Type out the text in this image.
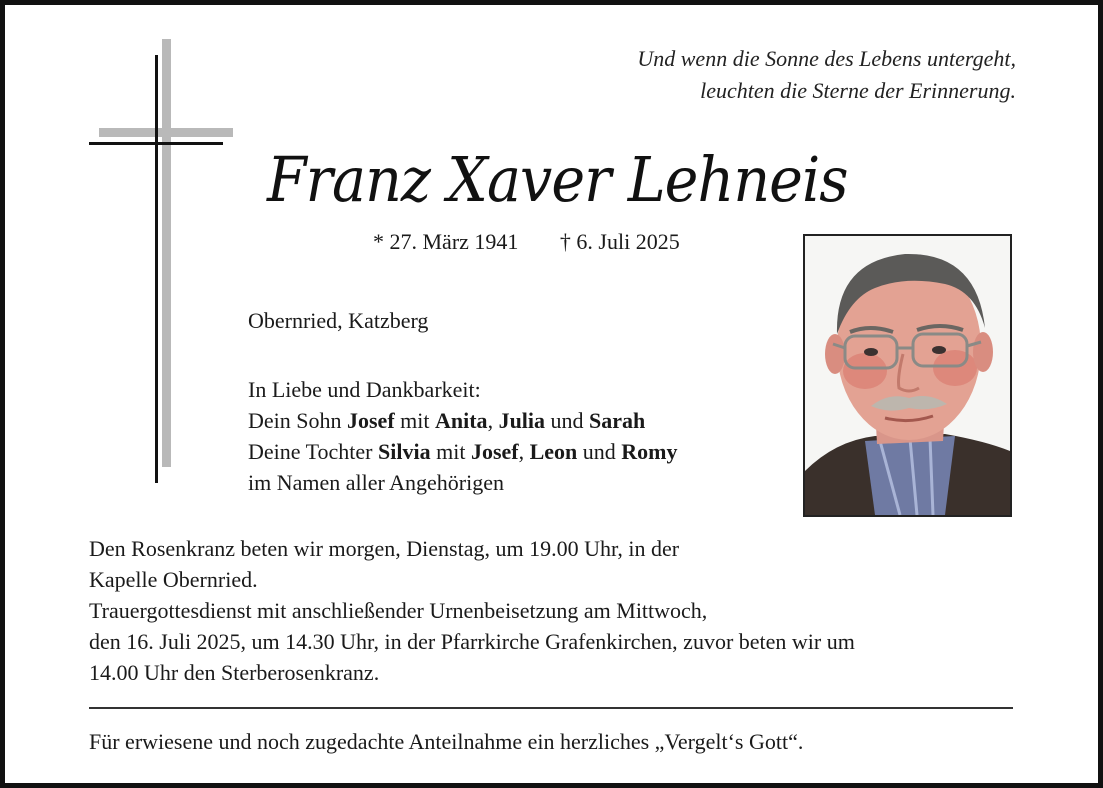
Und wenn die Sonne des Lebens untergeht,
leuchten die Sterne der Erinnerung.
Franz Xaver Lehneis
* 27. März 1941 † 6. Juli 2025
Obernried, Katzberg
In Liebe und Dankbarkeit:
Dein Sohn Josef mit Anita, Julia und Sarah
Deine Tochter Silvia mit Josef, Leon und Romy
im Namen aller Angehörigen
Den Rosenkranz beten wir morgen, Dienstag, um 19.00 Uhr, in der
Kapelle Obernried.
Trauergottesdienst mit anschließender Urnenbeisetzung am Mittwoch,
den 16. Juli 2025, um 14.30 Uhr, in der Pfarrkirche Grafenkirchen, zuvor beten wir um
14.00 Uhr den Sterberosenkranz.
Für erwiesene und noch zugedachte Anteilnahme ein herzliches „Vergelt‘s Gott“.
